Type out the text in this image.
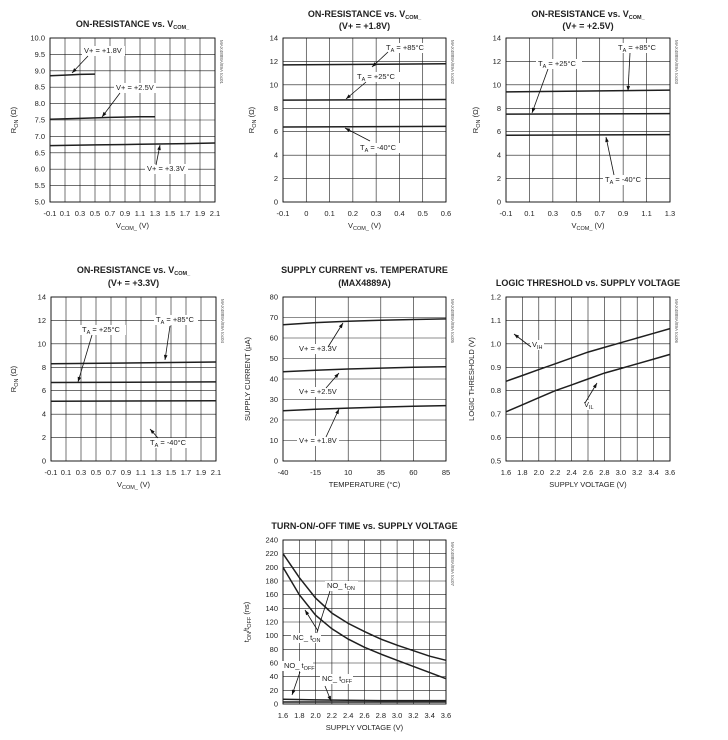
-0.1 0.1 0.3 0.5 0.7 0.9 1.1 1.3 1.5 1.7 1.9 2.1
5.0
5.5
6.0
6.5
7.0
7.5
8.0
8.5
9.0
9.5
10.0
ON-RESISTANCE vs. $V_{COM\_}$
$V_{COM\_}$ (V)
$R_{ON}$ (Ω)
MAX4888A/89A toc01
V+ = +1.8V
V+ = +2.5V
V+ = +3.3V
-0.1 0 0.1 0.2 0.3 0.4 0.5 0.6
0
2
4
6
8
10
12
14
ON-RESISTANCE vs. $V_{COM\_}$
(V+ = +1.8V)
$V_{COM\_}$ (V)
$R_{ON}$ (Ω)
MAX4888A/89A toc02
$T_A = +85^\circ C$
$T_A = +25^\circ C$
$T_A = -40^\circ C$
-0.1 0.1 0.3 0.5 0.7 0.9 1.1 1.3
0
2
4
6
8
10
12
14
ON-RESISTANCE vs. $V_{COM\_}$
(V+ = +2.5V)
$V_{COM\_}$ (V)
$R_{ON}$ (Ω)
MAX4888A/89A toc03
$T_A = +85^\circ C$
$T_A = +25^\circ C$
$T_A = -40^\circ C$
-0.1 0.1 0.3 0.5 0.7 0.9 1.1 1.3 1.5 1.7 1.9 2.1
0
2
4
6
8
10
12
14
ON-RESISTANCE vs. $V_{COM\_}$
(V+ = +3.3V)
$V_{COM\_}$ (V)
$R_{ON}$ (Ω)
MAX4888A/89A toc04
$T_A = +85^\circ C$
$T_A = +25^\circ C$
$T_A = -40^\circ C$
-40	-15	10	35	60	85
0
10
20
30
40
50
60
70
80
SUPPLY CURRENT vs. TEMPERATURE
(MAX4889A)
TEMPERATURE (°C)
SUPPLY CURRENT (µA)
MAX4888A/89A toc05
V+ = +3.3V
V+ = +2.5V
V+ = +1.8V
1.6 1.8 2.0 2.2 2.4 2.6 2.8 3.0 3.2 3.4 3.6
0.5
0.6
0.7
0.8
0.9
1.0
1.1
1.2
LOGIC THRESHOLD vs. SUPPLY VOLTAGE
SUPPLY VOLTAGE (V)
LOGIC THRESHOLD (V)
MAX4888A/89A toc06
$V_{IH}$
$V_{IL}$
1.6 1.8 2.0 2.2 2.4 2.6 2.8 3.0 3.2 3.4 3.6
0
20
40
60
80
100
120
140
160
180
200
220
240
TURN-ON/-OFF TIME vs. SUPPLY VOLTAGE
SUPPLY VOLTAGE (V)
$t_{ON}/t_{OFF}$ (ns)
MAX4888A/89A toc07
NO_ $t_{ON}$
NC_ $t_{ON}$
NO_ $t_{OFF}$
NC_ $t_{OFF}$
